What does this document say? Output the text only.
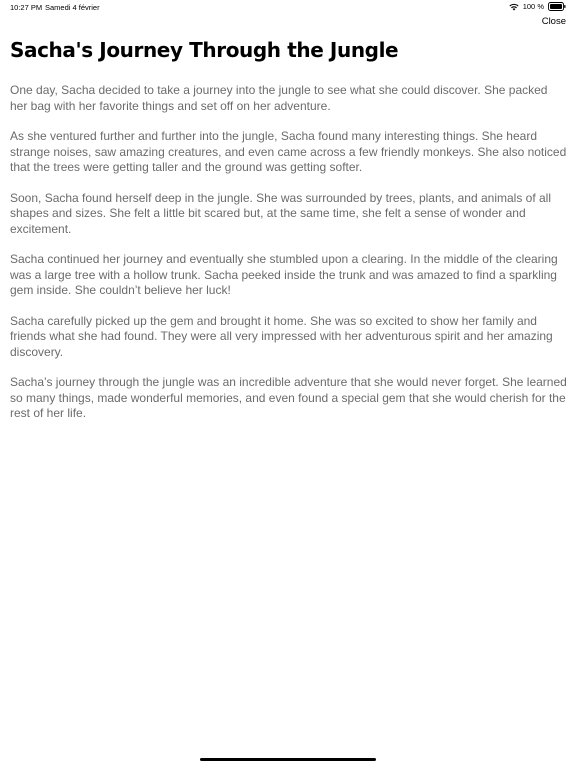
10:27 PM Samedi 4 février	100 %
Close
Sacha's Journey Through the Jungle

One day, Sacha decided to take a journey into the jungle to see what she could discover. She packed her bag with her favorite things and set off on her adventure.

As she ventured further and further into the jungle, Sacha found many interesting things. She heard strange noises, saw amazing creatures, and even came across a few friendly monkeys. She also noticed that the trees were getting taller and the ground was getting softer.

Soon, Sacha found herself deep in the jungle. She was surrounded by trees, plants, and animals of all shapes and sizes. She felt a little bit scared but, at the same time, she felt a sense of wonder and excitement.

Sacha continued her journey and eventually she stumbled upon a clearing. In the middle of the clearing was a large tree with a hollow trunk. Sacha peeked inside the trunk and was amazed to find a sparkling gem inside. She couldn’t believe her luck!

Sacha carefully picked up the gem and brought it home. She was so excited to show her family and friends what she had found. They were all very impressed with her adventurous spirit and her amazing discovery.

Sacha’s journey through the jungle was an incredible adventure that she would never forget. She learned so many things, made wonderful memories, and even found a special gem that she would cherish for the rest of her life.
